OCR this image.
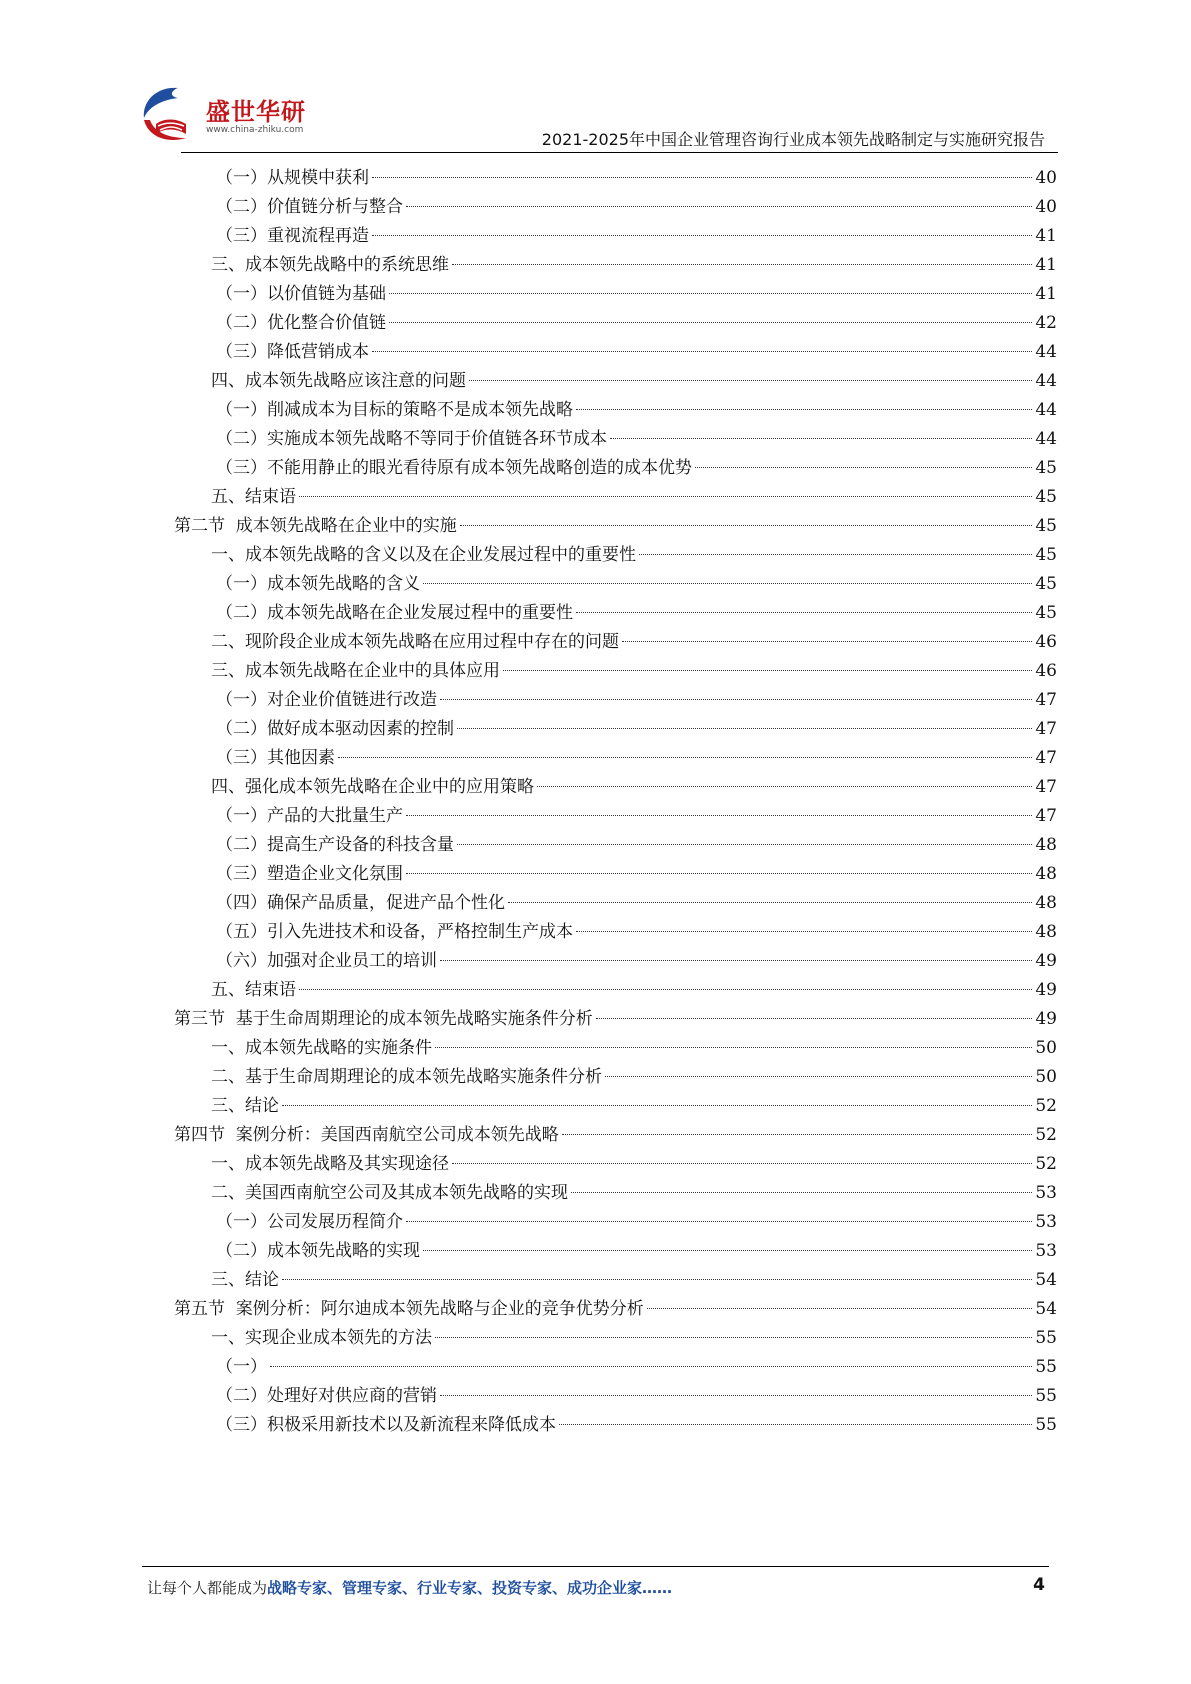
盛世华研
www.china-zhiku.com	2021-2025年中国企业管理咨询行业成本领先战略制定与实施研究报告
（一）从规模中获利	40
（二）价值链分析与整合	40
（三）重视流程再造	41
三、成本领先战略中的系统思维	41
（一）以价值链为基础	41
（二）优化整合价值链	42
（三）降低营销成本	44
四、成本领先战略应该注意的问题	44
（一）削减成本为目标的策略不是成本领先战略	44
（二）实施成本领先战略不等同于价值链各环节成本	44
（三）不能用静止的眼光看待原有成本领先战略创造的成本优势	45
五、结束语	45
第二节  成本领先战略在企业中的实施	45
一、成本领先战略的含义以及在企业发展过程中的重要性	45
（一）成本领先战略的含义	45
（二）成本领先战略在企业发展过程中的重要性	45
二、现阶段企业成本领先战略在应用过程中存在的问题	46
三、成本领先战略在企业中的具体应用	46
（一）对企业价值链进行改造	47
（二）做好成本驱动因素的控制	47
（三）其他因素	47
四、强化成本领先战略在企业中的应用策略	47
（一）产品的大批量生产	47
（二）提高生产设备的科技含量	48
（三）塑造企业文化氛围	48
（四）确保产品质量，促进产品个性化	48
（五）引入先进技术和设备，严格控制生产成本	48
（六）加强对企业员工的培训	49
五、结束语	49
第三节  基于生命周期理论的成本领先战略实施条件分析	49
一、成本领先战略的实施条件	50
二、基于生命周期理论的成本领先战略实施条件分析	50
三、结论	52
第四节  案例分析：美国西南航空公司成本领先战略	52
一、成本领先战略及其实现途径	52
二、美国西南航空公司及其成本领先战略的实现	53
（一）公司发展历程简介	53
（二）成本领先战略的实现	53
三、结论	54
第五节  案例分析：阿尔迪成本领先战略与企业的竞争优势分析	54
一、实现企业成本领先的方法	55
（一）	55
（二）处理好对供应商的营销	55
（三）积极采用新技术以及新流程来降低成本	55
让每个人都能成为战略专家、管理专家、行业专家、投资专家、成功企业家……	4
